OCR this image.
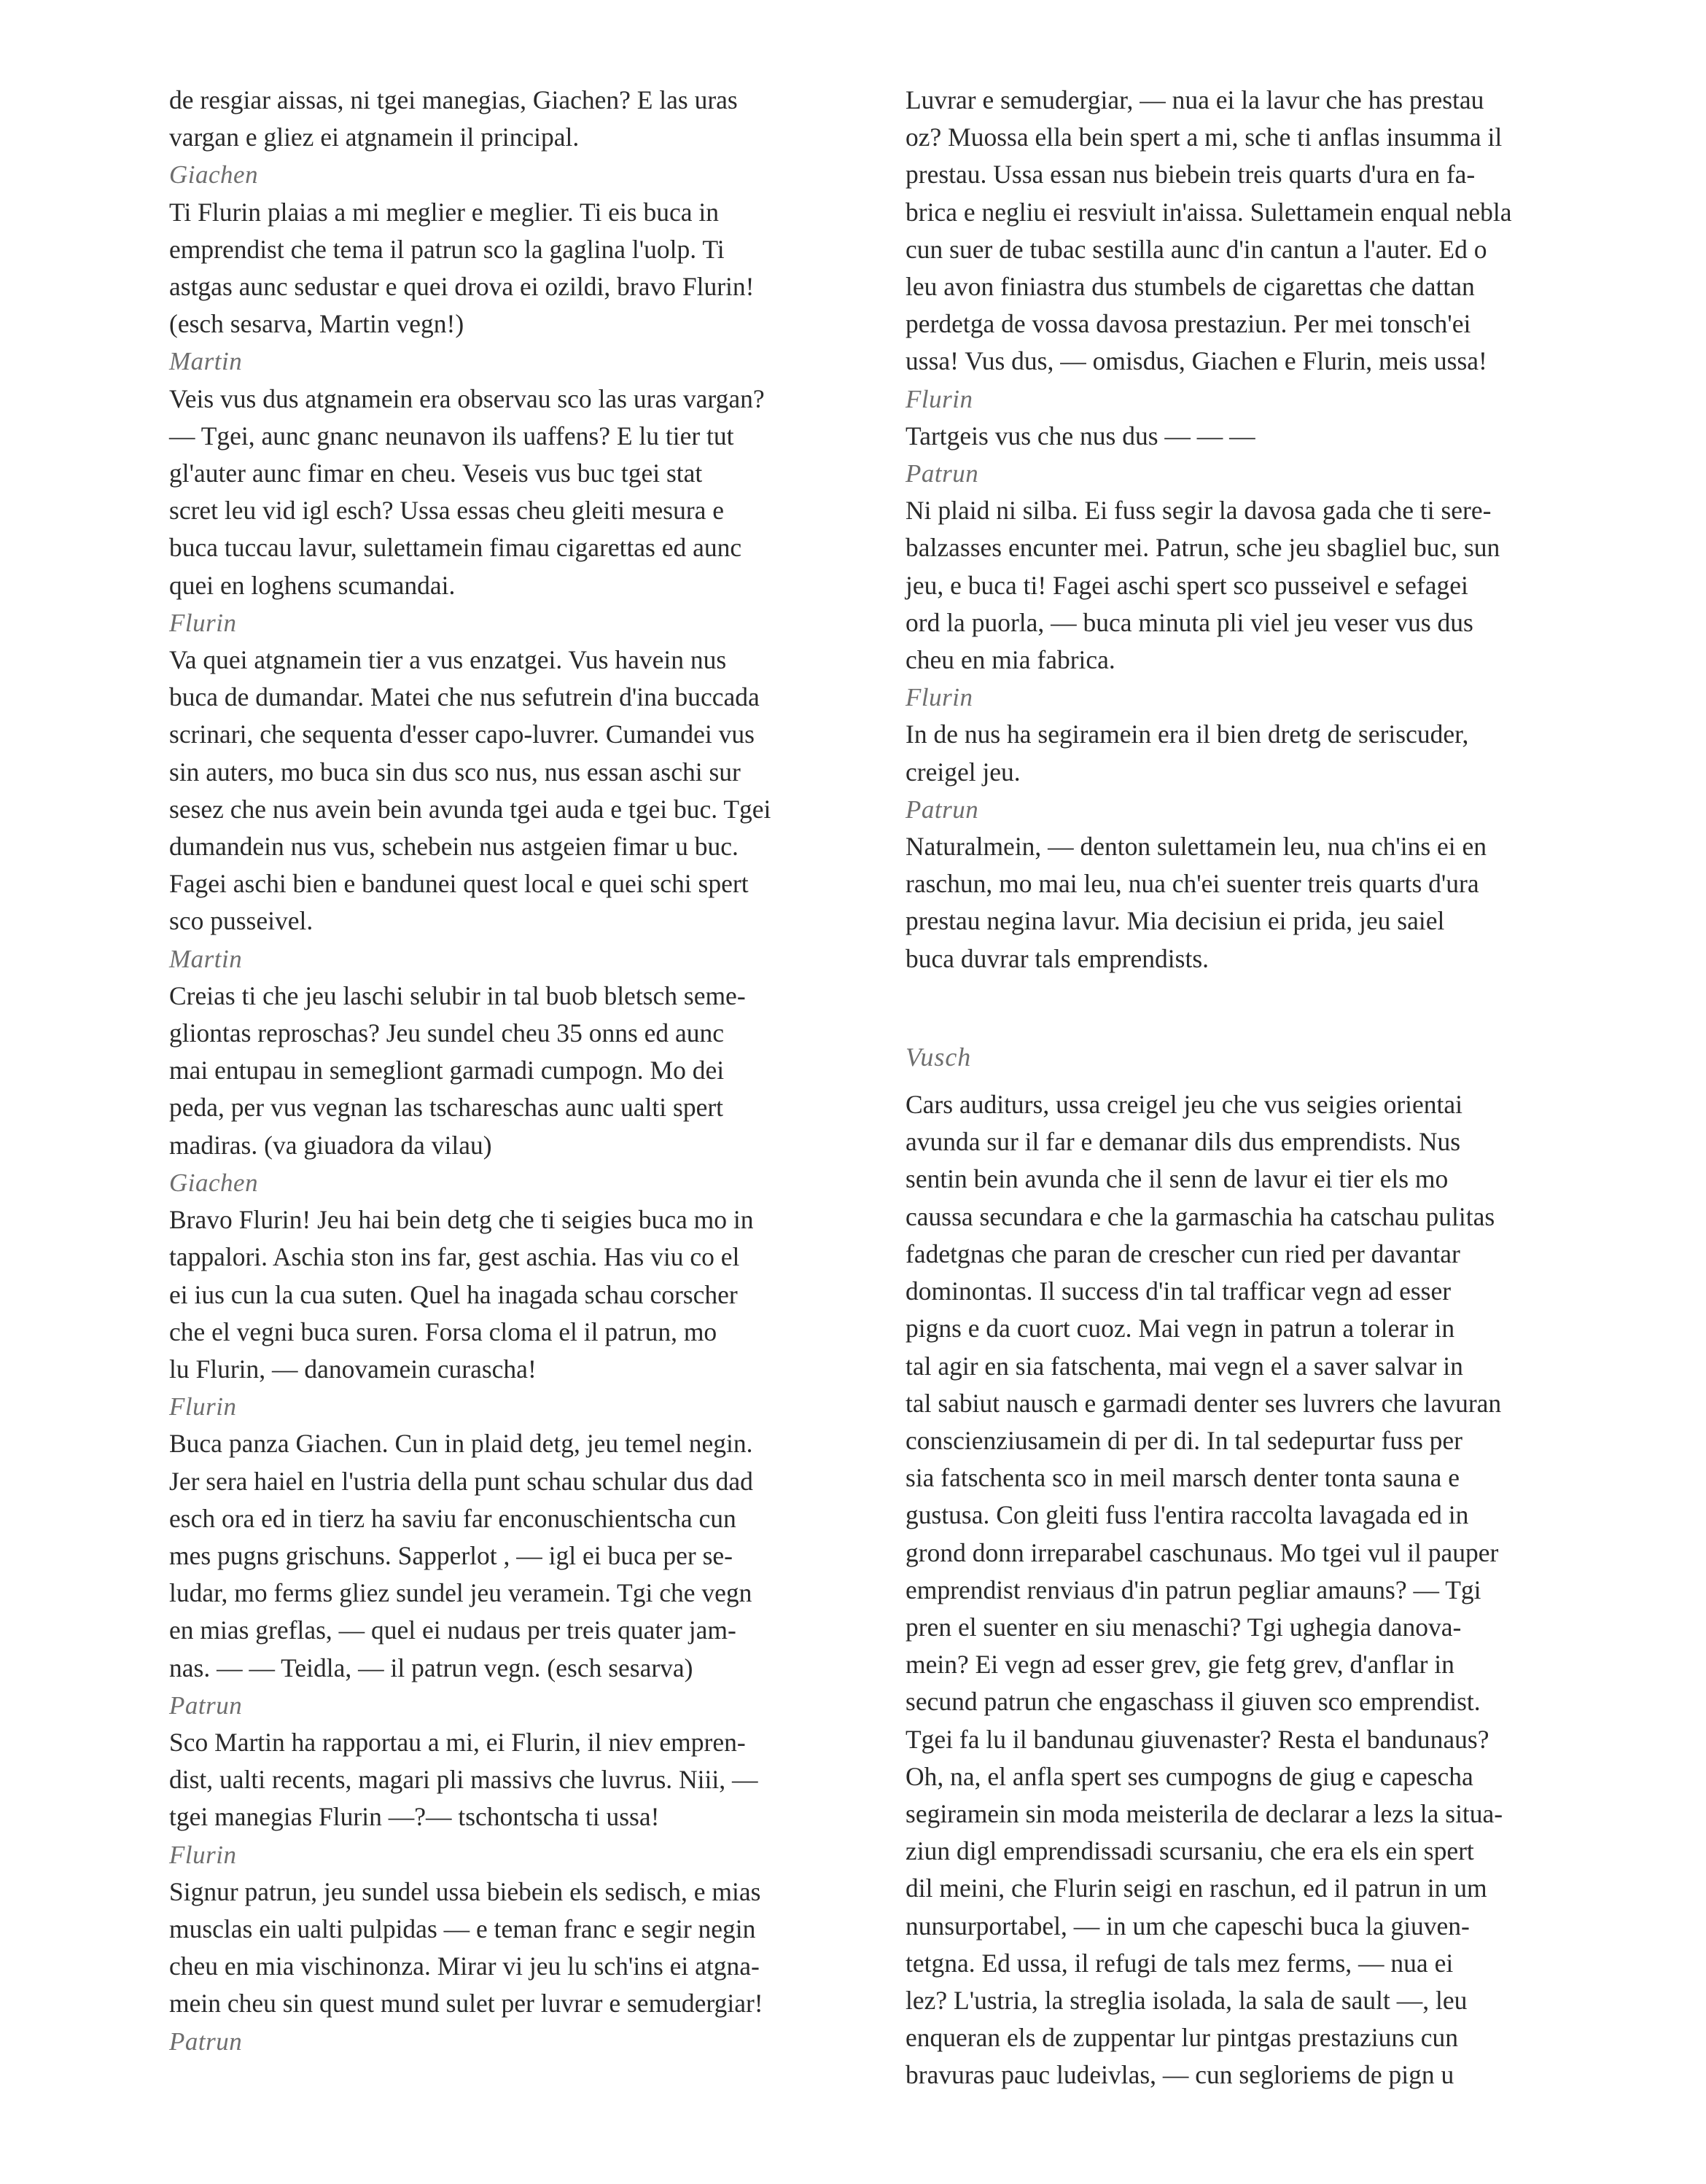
de resgiar aissas, ni tgei manegias, Giachen? E las uras
vargan e gliez ei atgnamein il principal.
Giachen
Ti Flurin plaias a mi meglier e meglier. Ti eis buca in
emprendist che tema il patrun sco la gaglina l'uolp. Ti
astgas aunc sedustar e quei drova ei ozildi, bravo Flurin!
(esch sesarva, Martin vegn!)
Martin
Veis vus dus atgnamein era observau sco las uras vargan?
— Tgei, aunc gnanc neunavon ils uaffens? E lu tier tut
gl'auter aunc fimar en cheu. Veseis vus buc tgei stat
scret leu vid igl esch? Ussa essas cheu gleiti mesura e
buca tuccau lavur, sulettamein fimau cigarettas ed aunc
quei en loghens scumandai.
Flurin
Va quei atgnamein tier a vus enzatgei. Vus havein nus
buca de dumandar. Matei che nus sefutrein d'ina buccada
scrinari, che sequenta d'esser capo-luvrer. Cumandei vus
sin auters, mo buca sin dus sco nus, nus essan aschi sur
sesez che nus avein bein avunda tgei auda e tgei buc. Tgei
dumandein nus vus, schebein nus astgeien fimar u buc.
Fagei aschi bien e bandunei quest local e quei schi spert
sco pusseivel.
Martin
Creias ti che jeu laschi selubir in tal buob bletsch seme-
gliontas reproschas? Jeu sundel cheu 35 onns ed aunc
mai entupau in semegliont garmadi cumpogn. Mo dei
peda, per vus vegnan las tschareschas aunc ualti spert
madiras. (va giuadora da vilau)
Giachen
Bravo Flurin! Jeu hai bein detg che ti seigies buca mo in
tappalori. Aschia ston ins far, gest aschia. Has viu co el
ei ius cun la cua suten. Quel ha inagada schau corscher
che el vegni buca suren. Forsa cloma el il patrun, mo
lu Flurin, — danovamein curascha!
Flurin
Buca panza Giachen. Cun in plaid detg, jeu temel negin.
Jer sera haiel en l'ustria della punt schau schular dus dad
esch ora ed in tierz ha saviu far enconuschientscha cun
mes pugns grischuns. Sapperlot , — igl ei buca per se-
ludar, mo ferms gliez sundel jeu veramein. Tgi che vegn
en mias greflas, — quel ei nudaus per treis quater jam-
nas. — — Teidla, — il patrun vegn. (esch sesarva)
Patrun
Sco Martin ha rapportau a mi, ei Flurin, il niev empren-
dist, ualti recents, magari pli massivs che luvrus. Niii, —
tgei manegias Flurin —?— tschontscha ti ussa!
Flurin
Signur patrun, jeu sundel ussa biebein els sedisch, e mias
musclas ein ualti pulpidas — e teman franc e segir negin
cheu en mia vischinonza. Mirar vi jeu lu sch'ins ei atgna-
mein cheu sin quest mund sulet per luvrar e semudergiar!
Patrun
Luvrar e semudergiar, — nua ei la lavur che has prestau
oz? Muossa ella bein spert a mi, sche ti anflas insumma il
prestau. Ussa essan nus biebein treis quarts d'ura en fa-
brica e negliu ei resviult in'aissa. Sulettamein enqual nebla
cun suer de tubac sestilla aunc d'in cantun a l'auter. Ed o
leu avon finiastra dus stumbels de cigarettas che dattan
perdetga de vossa davosa prestaziun. Per mei tonsch'ei
ussa! Vus dus, — omisdus, Giachen e Flurin, meis ussa!
Flurin
Tartgeis vus che nus dus — — —
Patrun
Ni plaid ni silba. Ei fuss segir la davosa gada che ti sere-
balzasses encunter mei. Patrun, sche jeu sbagliel buc, sun
jeu, e buca ti! Fagei aschi spert sco pusseivel e sefagei
ord la puorla, — buca minuta pli viel jeu veser vus dus
cheu en mia fabrica.
Flurin
In de nus ha segiramein era il bien dretg de seriscuder,
creigel jeu.
Patrun
Naturalmein, — denton sulettamein leu, nua ch'ins ei en
raschun, mo mai leu, nua ch'ei suenter treis quarts d'ura
prestau negina lavur. Mia decisiun ei prida, jeu saiel
buca duvrar tals emprendists.
Vusch
Cars auditurs, ussa creigel jeu che vus seigies orientai
avunda sur il far e demanar dils dus emprendists. Nus
sentin bein avunda che il senn de lavur ei tier els mo
caussa secundara e che la garmaschia ha catschau pulitas
fadetgnas che paran de crescher cun ried per davantar
dominontas. Il success d'in tal trafficar vegn ad esser
pigns e da cuort cuoz. Mai vegn in patrun a tolerar in
tal agir en sia fatschenta, mai vegn el a saver salvar in
tal sabiut nausch e garmadi denter ses luvrers che lavuran
conscienziusamein di per di. In tal sedepurtar fuss per
sia fatschenta sco in meil marsch denter tonta sauna e
gustusa. Con gleiti fuss l'entira raccolta lavagada ed in
grond donn irreparabel caschunaus. Mo tgei vul il pauper
emprendist renviaus d'in patrun pegliar amauns? — Tgi
pren el suenter en siu menaschi? Tgi ughegia danova-
mein? Ei vegn ad esser grev, gie fetg grev, d'anflar in
secund patrun che engaschass il giuven sco emprendist.
Tgei fa lu il bandunau giuvenaster? Resta el bandunaus?
Oh, na, el anfla spert ses cumpogns de giug e capescha
segiramein sin moda meisterila de declarar a lezs la situa-
ziun digl emprendissadi scursaniu, che era els ein spert
dil meini, che Flurin seigi en raschun, ed il patrun in um
nunsurportabel, — in um che capeschi buca la giuven-
tetgna. Ed ussa, il refugi de tals mez ferms, — nua ei
lez? L'ustria, la streglia isolada, la sala de sault —, leu
enqueran els de zuppentar lur pintgas prestaziuns cun
bravuras pauc ludeivlas, — cun segloriems de pign u
